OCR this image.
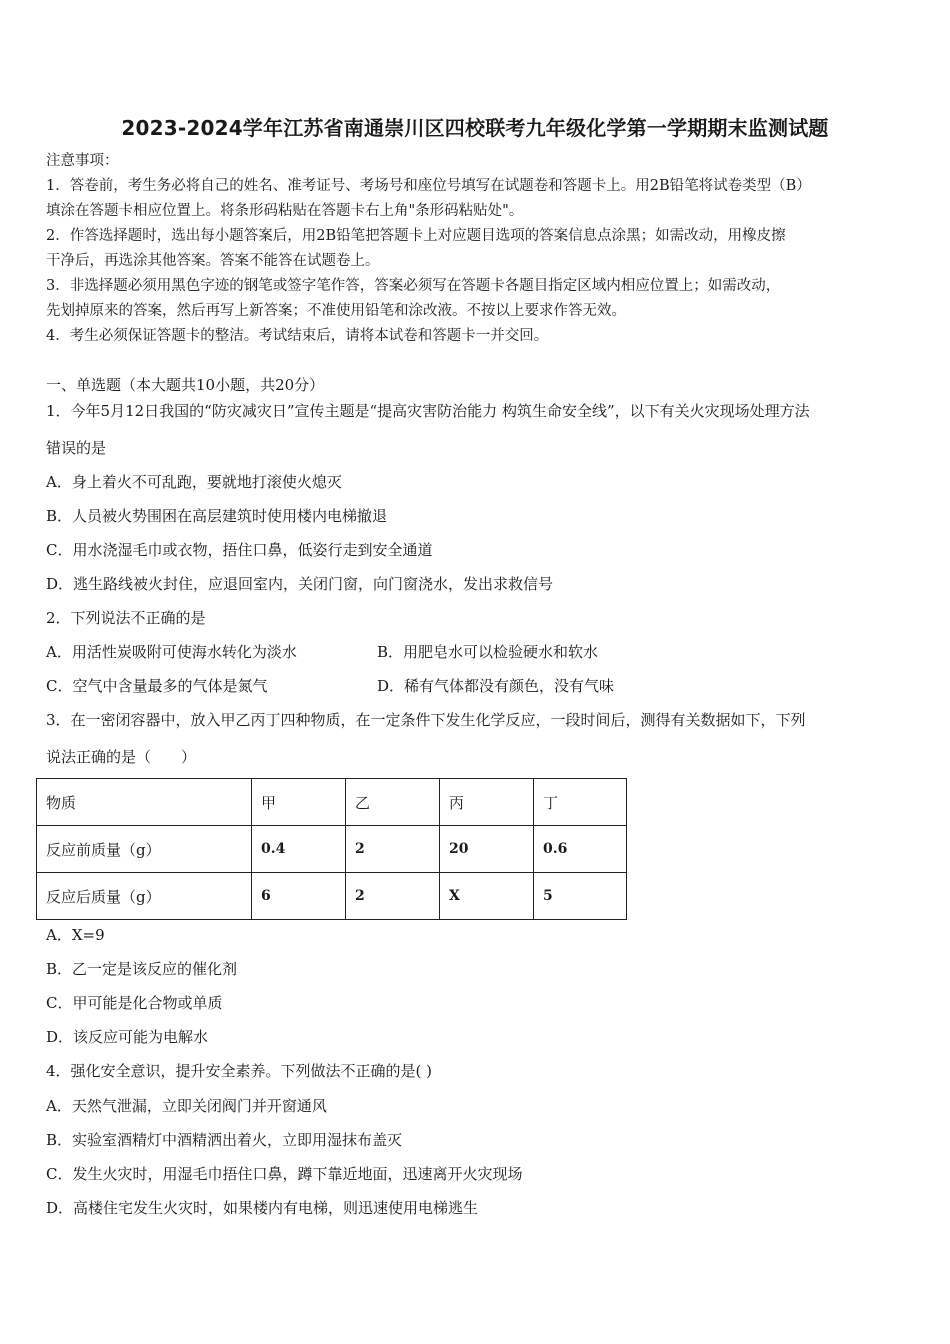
2023-2024学年江苏省南通崇川区四校联考九年级化学第一学期期末监测试题
注意事项：
1．答卷前，考生务必将自己的姓名、准考证号、考场号和座位号填写在试题卷和答题卡上。用2B铅笔将试卷类型（B）
填涂在答题卡相应位置上。将条形码粘贴在答题卡右上角"条形码粘贴处"。
2．作答选择题时，选出每小题答案后，用2B铅笔把答题卡上对应题目选项的答案信息点涂黑；如需改动，用橡皮擦
干净后，再选涂其他答案。答案不能答在试题卷上。
3．非选择题必须用黑色字迹的钢笔或签字笔作答，答案必须写在答题卡各题目指定区域内相应位置上；如需改动，
先划掉原来的答案，然后再写上新答案；不准使用铅笔和涂改液。不按以上要求作答无效。
4．考生必须保证答题卡的整洁。考试结束后，请将本试卷和答题卡一并交回。
一、单选题（本大题共10小题，共20分）
1．今年5月12日我国的“防灾减灾日”宣传主题是“提高灾害防治能力 构筑生命安全线”，以下有关火灾现场处理方法
错误的是
A．身上着火不可乱跑，要就地打滚使火熄灭
B．人员被火势围困在高层建筑时使用楼内电梯撤退
C．用水浇湿毛巾或衣物，捂住口鼻，低姿行走到安全通道
D．逃生路线被火封住，应退回室内，关闭门窗，向门窗浇水，发出求救信号
2．下列说法不正确的是
A．用活性炭吸附可使海水转化为淡水	B．用肥皂水可以检验硬水和软水
C．空气中含量最多的气体是氮气	D．稀有气体都没有颜色，没有气味
3．在一密闭容器中，放入甲乙丙丁四种物质，在一定条件下发生化学反应，一段时间后，测得有关数据如下，下列
说法正确的是（　　）
物质	甲	乙	丙	丁
反应前质量（g）	0.4	2	20	0.6
反应后质量（g）	6	2	X	5
A．X=9
B．乙一定是该反应的催化剂
C．甲可能是化合物或单质
D．该反应可能为电解水
4．强化安全意识，提升安全素养。下列做法不正确的是( )
A．天然气泄漏，立即关闭阀门并开窗通风
B．实验室酒精灯中酒精洒出着火，立即用湿抹布盖灭
C．发生火灾时，用湿毛巾捂住口鼻，蹲下靠近地面，迅速离开火灾现场
D．高楼住宅发生火灾时，如果楼内有电梯，则迅速使用电梯逃生
